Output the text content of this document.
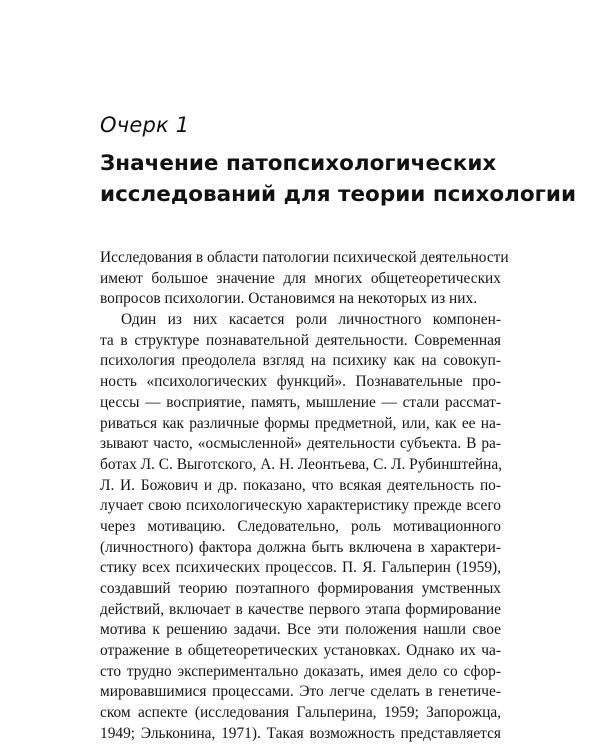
Очерк 1
Значение патопсихологических
исследований для теории психологии
Исследования в области патологии психической деятельности
имеют большое значение для многих общетеоретических
вопросов психологии. Остановимся на некоторых из них.
Один из них касается роли личностного компонен-
та в структуре познавательной деятельности. Современная
психология преодолела взгляд на психику как на совокуп-
ность «психологических функций». Познавательные про-
цессы — восприятие, память, мышление — стали рассмат-
риваться как различные формы предметной, или, как ее на-
зывают часто, «осмысленной» деятельности субъекта. В ра-
ботах Л. С. Выготского, А. Н. Леонтьева, С. Л. Рубинштейна,
Л. И. Божович и др. показано, что всякая деятельность по-
лучает свою психологическую характеристику прежде всего
через мотивацию. Следовательно, роль мотивационного
(личностного) фактора должна быть включена в характери-
стику всех психических процессов. П. Я. Гальперин (1959),
создавший теорию поэтапного формирования умственных
действий, включает в качестве первого этапа формирование
мотива к решению задачи. Все эти положения нашли свое
отражение в общетеоретических установках. Однако их ча-
сто трудно экспериментально доказать, имея дело со сфор-
мировавшимися процессами. Это легче сделать в генетиче-
ском аспекте (исследования Гальперина, 1959; Запорожца,
1949; Эльконина, 1971). Такая возможность представляется
